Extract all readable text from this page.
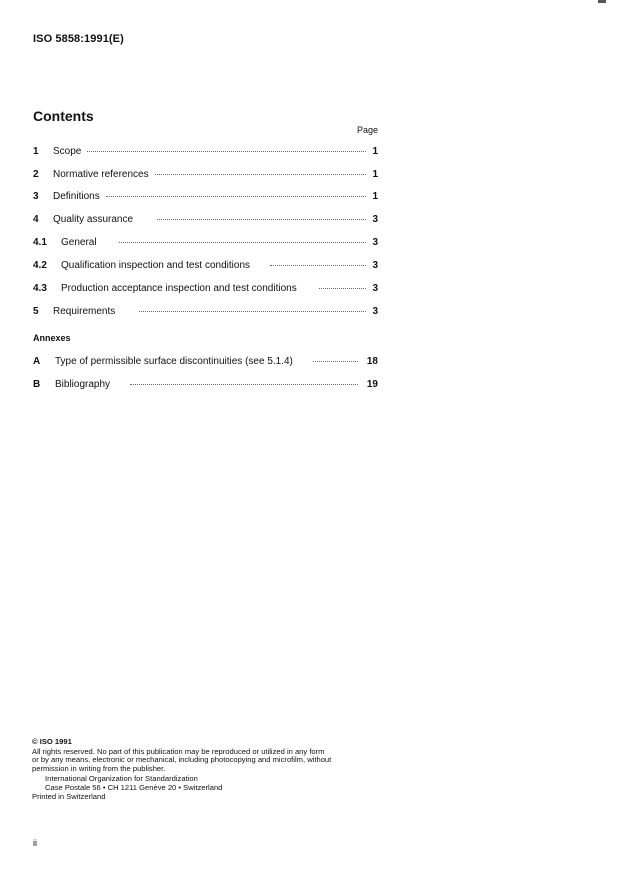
ISO 5858:1991(E)
Contents
Page
1	Scope	1
2	Normative references	1
3	Definitions	1
4	Quality assurance	3
4.1	General	3
4.2	Qualification inspection and test conditions	3
4.3	Production acceptance inspection and test conditions	3
5	Requirements	3
Annexes
A	Type of permissible surface discontinuities (see 5.1.4)	18
B	Bibliography	19
© ISO 1991
All rights reserved. No part of this publication may be reproduced or utilized in any form
or by any means, electronic or mechanical, including photocopying and microfilm, without
permission in writing from the publisher.
International Organization for Standardization
Case Postale 56 • CH 1211 Genève 20 • Switzerland
Printed in Switzerland
ii
